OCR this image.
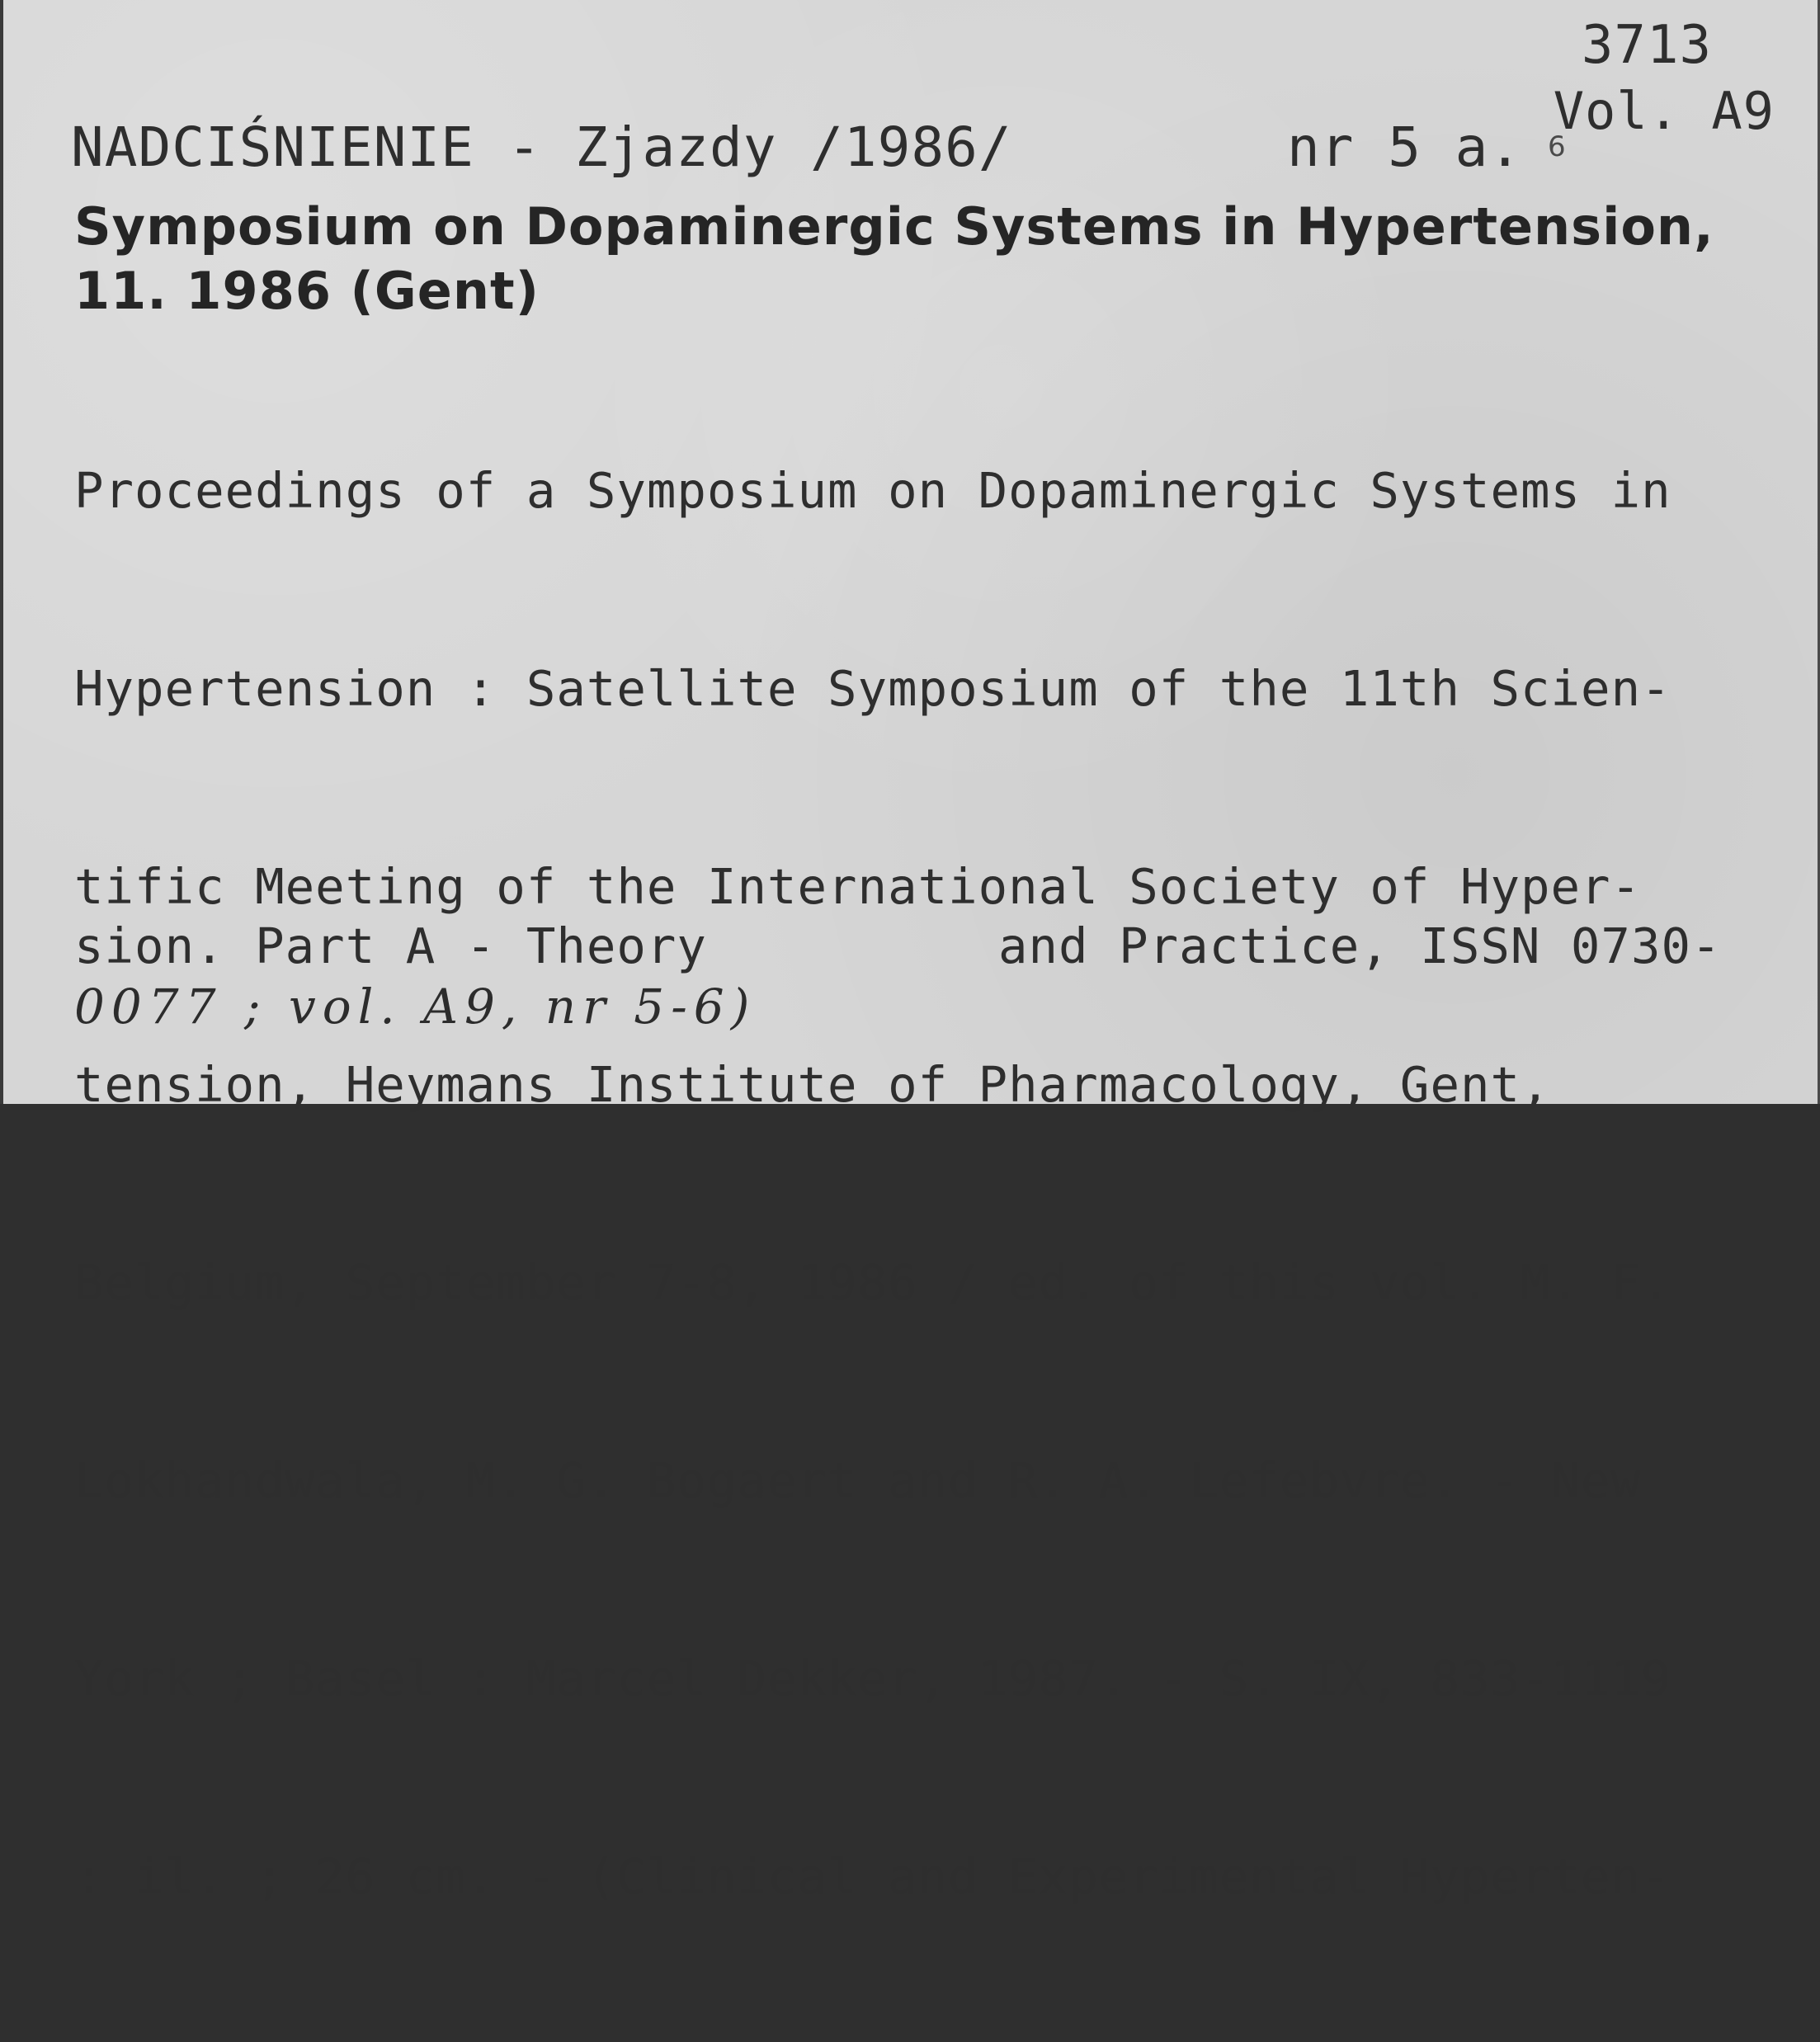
3713
Vol. A9
NADCIŚNIENIE - Zjazdy /1986/	nr 5 a. 6
Symposium on Dopaminergic Systems in Hypertension,
11. 1986 (Gent)

Proceedings of a Symposium on Dopaminergic Systems in

Hypertension : Satellite Symposium of the 11th Scien-

tific Meeting of the International Society of Hyper-

tension, Heymans Institute of Pharmacology, Gent,

Belgium, September 7-8, 1986 / ed. of this vol. M. F.

Lokhandwala, M. G. Bogaert and R. A. Lefebvre. - New

York ; Basel : Marcel Dekker, 1987. - S. IX, 833-1119

: il. ; 26 cm. - (Clinical and Experimental Hyperten-

sion. Part A - Theory	and Practice, ISSN 0730-
0077 ; vol. A9, nr 5-6)
